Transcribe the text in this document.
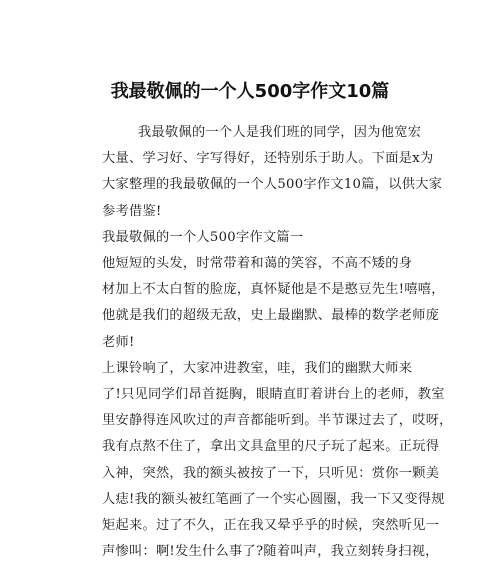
我最敬佩的一个人500字作文10篇

我最敬佩的一个人是我们班的同学，因为他宽宏
大量、学习好、字写得好，还特别乐于助人。下面是x为
大家整理的我最敬佩的一个人500字作文10篇，以供大家
参考借鉴!

我最敬佩的一个人500字作文篇一

他短短的头发，时常带着和蔼的笑容，不高不矮的身
材加上不太白皙的脸庞，真怀疑他是不是憨豆先生!嘻嘻，
他就是我们的超级无敌，史上最幽默、最棒的数学老师庞
老师!

上课铃响了，大家冲进教室，哇，我们的幽默大师来
了!只见同学们昂首挺胸，眼睛直盯着讲台上的老师，教室
里安静得连风吹过的声音都能听到。半节课过去了，哎呀，
我有点熬不住了，拿出文具盒里的尺子玩了起来。正玩得
入神，突然，我的额头被按了一下，只听见：赏你一颗美
人痣!我的额头被红笔画了一个实心圆圈，我一下又变得规
矩起来。过了不久，正在我又晕乎乎的时候，突然听见一
声惨叫：啊!发生什么事了?随着叫声，我立刻转身扫视，
